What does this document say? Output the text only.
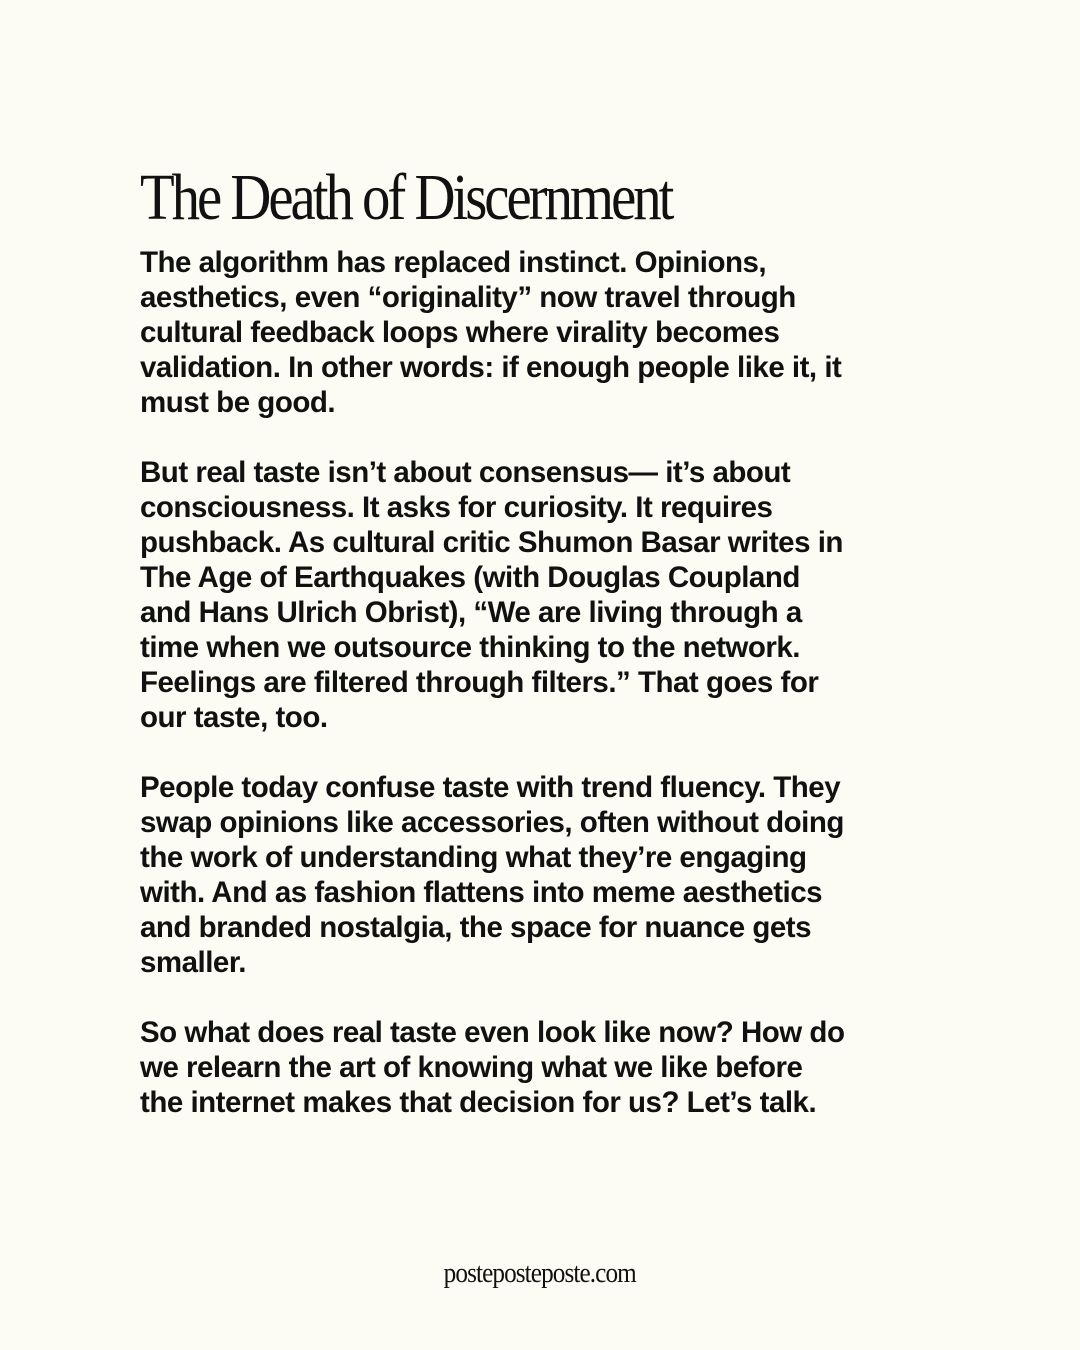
The Death of Discernment

The algorithm has replaced instinct. Opinions,
aesthetics, even “originality” now travel through
cultural feedback loops where virality becomes
validation. In other words: if enough people like it, it
must be good.

But real taste isn’t about consensus— it’s about
consciousness. It asks for curiosity. It requires
pushback. As cultural critic Shumon Basar writes in
The Age of Earthquakes (with Douglas Coupland
and Hans Ulrich Obrist), “We are living through a
time when we outsource thinking to the network.
Feelings are filtered through filters.” That goes for
our taste, too.

People today confuse taste with trend fluency. They
swap opinions like accessories, often without doing
the work of understanding what they’re engaging
with. And as fashion flattens into meme aesthetics
and branded nostalgia, the space for nuance gets
smaller.

So what does real taste even look like now? How do
we relearn the art of knowing what we like before
the internet makes that decision for us? Let’s talk.

posteposteposte.com
